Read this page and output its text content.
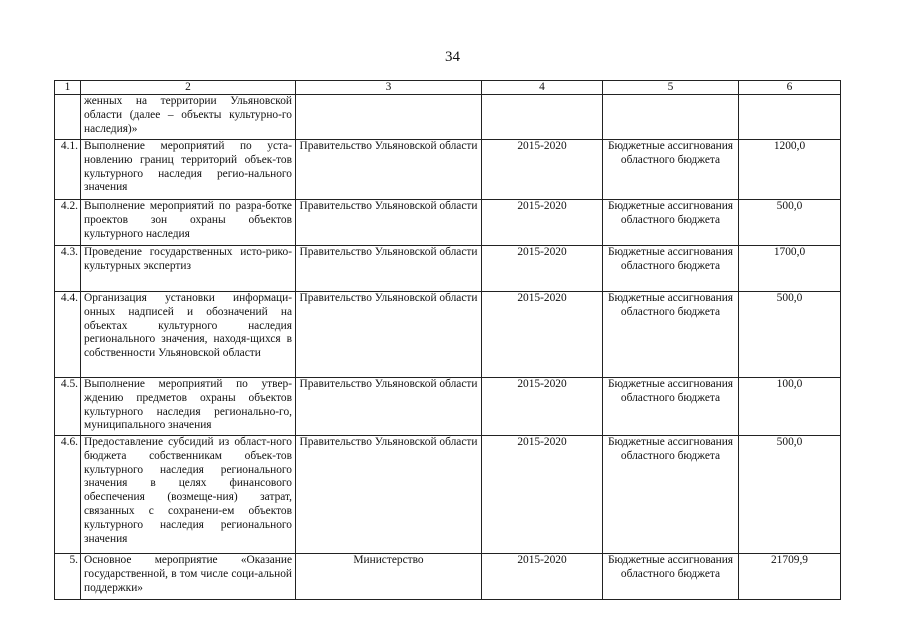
34
1	2	3	4	5	6
	женных на территории Ульяновской области (далее – объекты культурно-го наследия)»				
4.1.	Выполнение мероприятий по уста-новлению границ территорий объек-тов культурного наследия регио-нального значения	Правительство Ульяновской области	2015-2020	Бюджетные ассигнования областного бюджета	1200,0
4.2.	Выполнение мероприятий по разра-ботке проектов зон охраны объектов культурного наследия	Правительство Ульяновской области	2015-2020	Бюджетные ассигнования областного бюджета	500,0
4.3.	Проведение государственных исто-рико-культурных экспертиз	Правительство Ульяновской области	2015-2020	Бюджетные ассигнования областного бюджета	1700,0
4.4.	Организация установки информаци-онных надписей и обозначений на объектах культурного наследия регионального значения, находя-щихся в собственности Ульяновской области	Правительство Ульяновской области	2015-2020	Бюджетные ассигнования областного бюджета	500,0
4.5.	Выполнение мероприятий по утвер-ждению предметов охраны объектов культурного наследия регионально-го, муниципального значения	Правительство Ульяновской области	2015-2020	Бюджетные ассигнования областного бюджета	100,0
4.6.	Предоставление субсидий из област-ного бюджета собственникам объек-тов культурного наследия регионального значения в целях финансового обеспечения (возмеще-ния) затрат, связанных с сохранени-ем объектов культурного наследия регионального значения	Правительство Ульяновской области	2015-2020	Бюджетные ассигнования областного бюджета	500,0
5.	Основное мероприятие «Оказание государственной, в том числе соци-альной поддержки»	Министерство	2015-2020	Бюджетные ассигнования областного бюджета	21709,9
